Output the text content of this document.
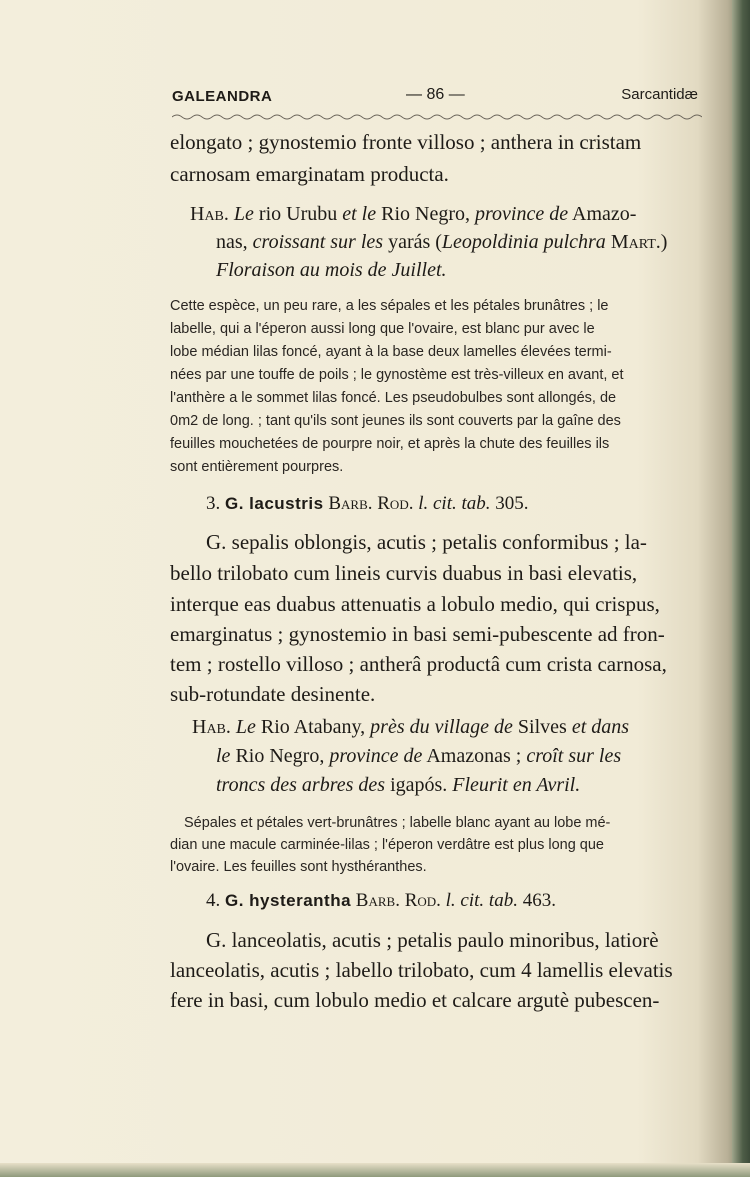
GALEANDRA	— 86 —	Sarcantidæ
elongato ; gynostemio fronte villoso ; anthera in cristam
carnosam emarginatam producta.
Hab. Le rio Urubu et le Rio Negro, province de Amazo-
nas, croissant sur les yarás (Leopoldinia pulchra Mart.)
Floraison au mois de Juillet.
Cette espèce, un peu rare, a les sépales et les pétales brunâtres ; le
labelle, qui a l'éperon aussi long que l'ovaire, est blanc pur avec le
lobe médian lilas foncé, ayant à la base deux lamelles élevées termi-
nées par une touffe de poils ; le gynostème est très-villeux en avant, et
l'anthère a le sommet lilas foncé. Les pseudobulbes sont allongés, de
0m2 de long. ; tant qu'ils sont jeunes ils sont couverts par la gaîne des
feuilles mouchetées de pourpre noir, et après la chute des feuilles ils
sont entièrement pourpres.
3. G. lacustris Barb. Rod. l. cit. tab. 305.
G. sepalis oblongis, acutis ; petalis conformibus ; la-
bello trilobato cum lineis curvis duabus in basi elevatis,
interque eas duabus attenuatis a lobulo medio, qui crispus,
emarginatus ; gynostemio in basi semi-pubescente ad fron-
tem ; rostello villoso ; antherâ productâ cum crista carnosa,
sub-rotundate desinente.
Hab. Le Rio Atabany, près du village de Silves et dans
le Rio Negro, province de Amazonas ; croît sur les
troncs des arbres des igapós. Fleurit en Avril.
Sépales et pétales vert-brunâtres ; labelle blanc ayant au lobe mé-
dian une macule carminée-lilas ; l'éperon verdâtre est plus long que
l'ovaire. Les feuilles sont hysthéranthes.
4. G. hysterantha Barb. Rod. l. cit. tab. 463.
G. lanceolatis, acutis ; petalis paulo minoribus, latiorè
lanceolatis, acutis ; labello trilobato, cum 4 lamellis elevatis
fere in basi, cum lobulo medio et calcare argutè pubescen-
